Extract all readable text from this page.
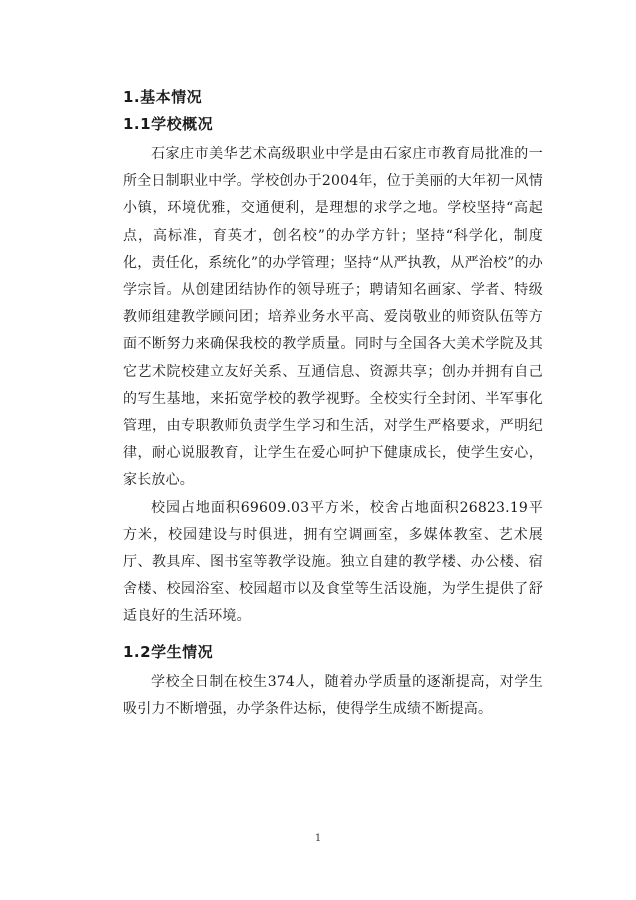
1.基本情况
1.1学校概况

石家庄市美华艺术高级职业中学是由石家庄市教育局批准的一所全日制职业中学。学校创办于2004年，位于美丽的大年初一风情小镇，环境优雅，交通便利，是理想的求学之地。学校坚持“高起点，高标准，育英才，创名校”的办学方针；坚持“科学化，制度化，责任化，系统化”的办学管理；坚持“从严执教，从严治校”的办学宗旨。从创建团结协作的领导班子；聘请知名画家、学者、特级教师组建教学顾问团；培养业务水平高、爱岗敬业的师资队伍等方面不断努力来确保我校的教学质量。同时与全国各大美术学院及其它艺术院校建立友好关系、互通信息、资源共享；创办并拥有自己的写生基地，来拓宽学校的教学视野。全校实行全封闭、半军事化管理，由专职教师负责学生学习和生活，对学生严格要求，严明纪律，耐心说服教育，让学生在爱心呵护下健康成长，使学生安心，家长放心。

校园占地面积69609.03平方米，校舍占地面积26823.19平方米，校园建设与时俱进，拥有空调画室，多媒体教室、艺术展厅、教具库、图书室等教学设施。独立自建的教学楼、办公楼、宿舍楼、校园浴室、校园超市以及食堂等生活设施，为学生提供了舒适良好的生活环境。

1.2学生情况

学校全日制在校生374人，随着办学质量的逐渐提高，对学生吸引力不断增强，办学条件达标，使得学生成绩不断提高。

1
